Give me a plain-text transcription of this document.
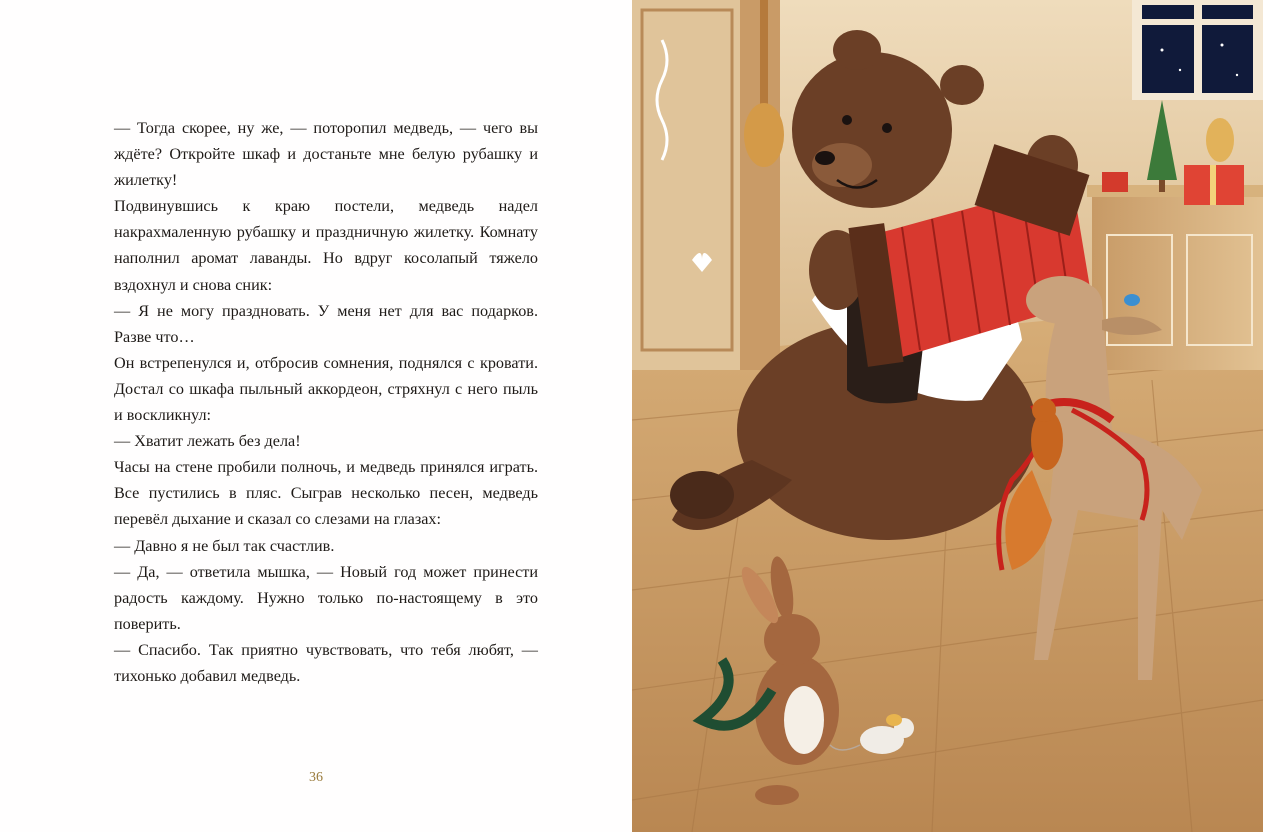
— Тогда скорее, ну же, — поторопил медведь, — чего вы ждёте? Откройте шкаф и достаньте мне белую рубашку и жилетку!

Подвинувшись к краю постели, медведь надел накрахмаленную рубашку и праздничную жилетку. Комнату наполнил аромат лаванды. Но вдруг косолапый тяжело вздохнул и снова сник:

— Я не могу праздновать. У меня нет для вас подарков. Разве что…

Он встрепенулся и, отбросив сомнения, поднялся с кровати. Достал со шкафа пыльный аккордеон, стряхнул с него пыль и воскликнул:

— Хватит лежать без дела!

Часы на стене пробили полночь, и медведь принялся играть. Все пустились в пляс. Сыграв несколько песен, медведь перевёл дыхание и сказал со слезами на глазах:

— Давно я не был так счастлив.

— Да, — ответила мышка, — Новый год может принести радость каждому. Нужно только по-настоящему в это поверить.

— Спасибо. Так приятно чувствовать, что тебя любят, — тихонько добавил медведь.

36
